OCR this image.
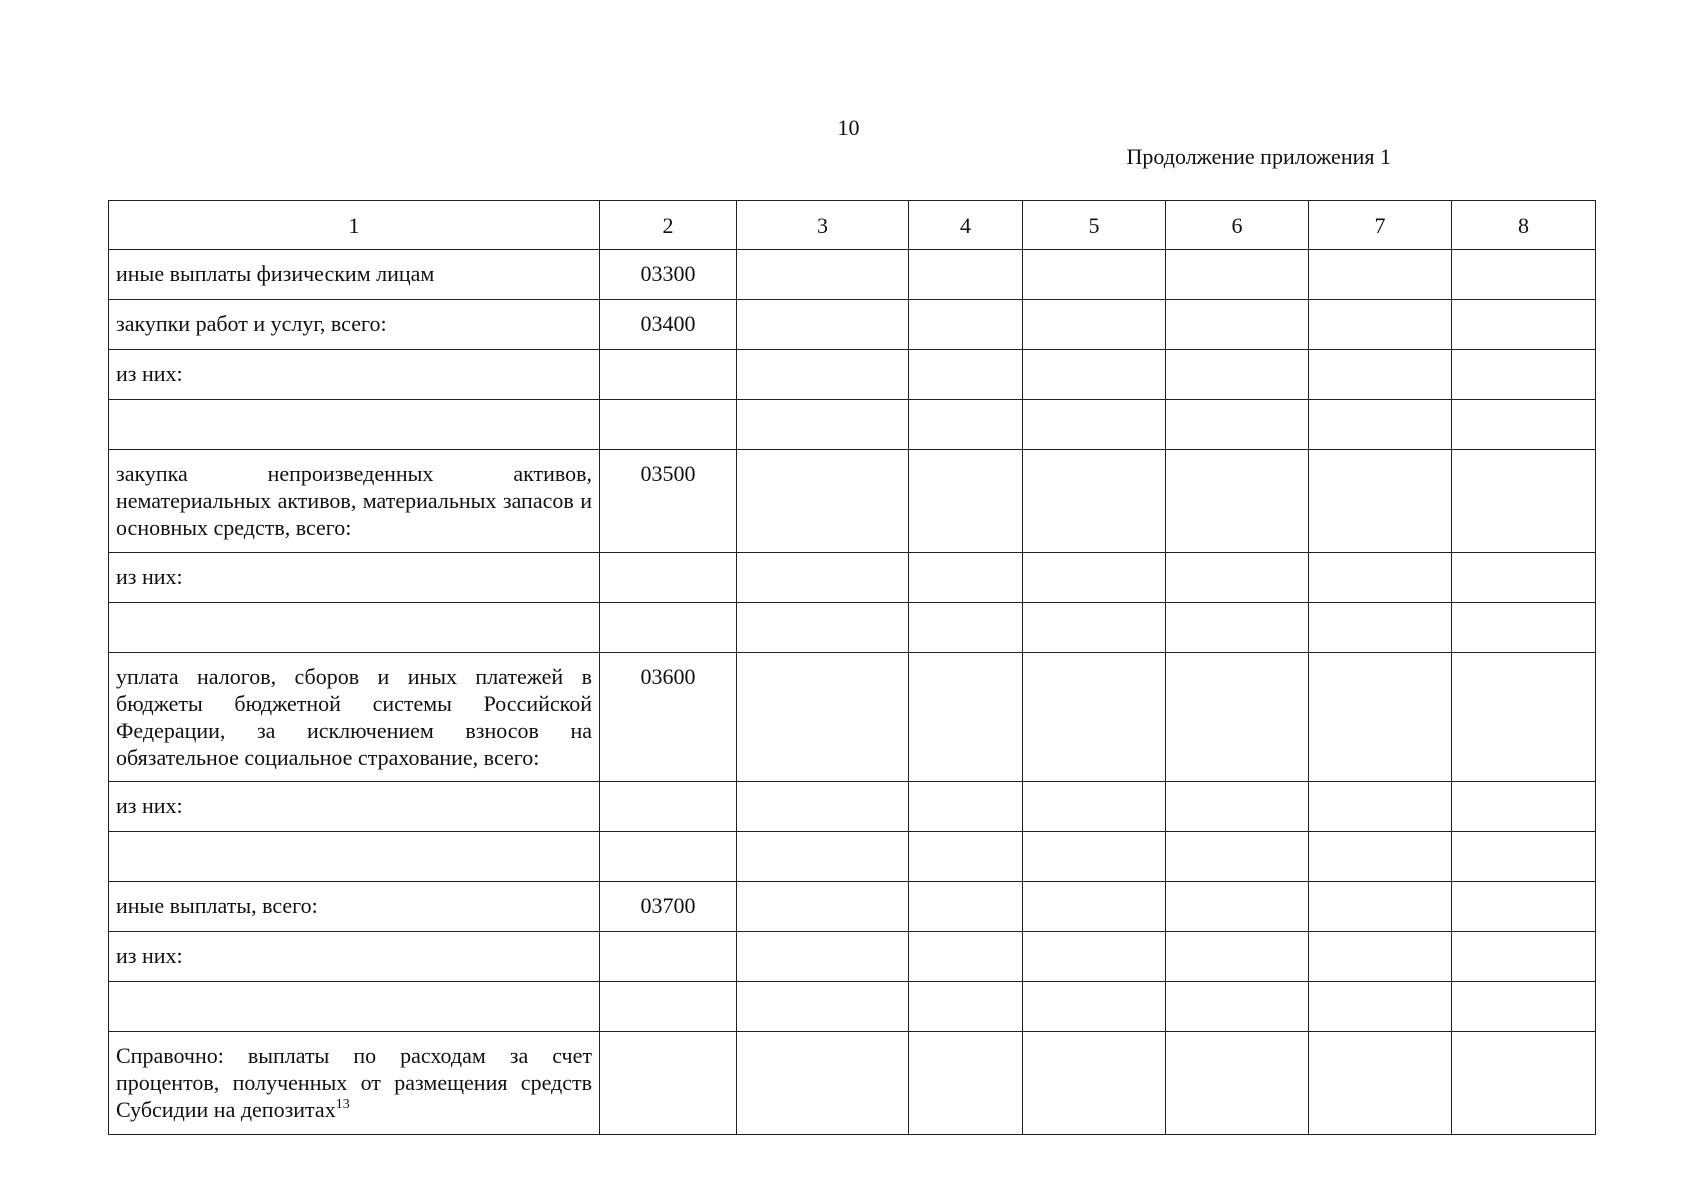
10
Продолжение приложения 1
1	2	3	4	5	6	7	8
иные выплаты физическим лицам	03300						
закупки работ и услуг, всего:	03400						
из них:							

закупка непроизведенных активов, нематериальных активов, материальных запасов и основных средств, всего:	03500						
из них:							

уплата налогов, сборов и иных платежей в бюджеты бюджетной системы Российской Федерации, за исключением взносов на обязательное социальное страхование, всего:	03600						
из них:							

иные выплаты, всего:	03700						
из них:							

Справочно: выплаты по расходам за счет процентов, полученных от размещения средств Субсидии на депозитах$^{13}$							
